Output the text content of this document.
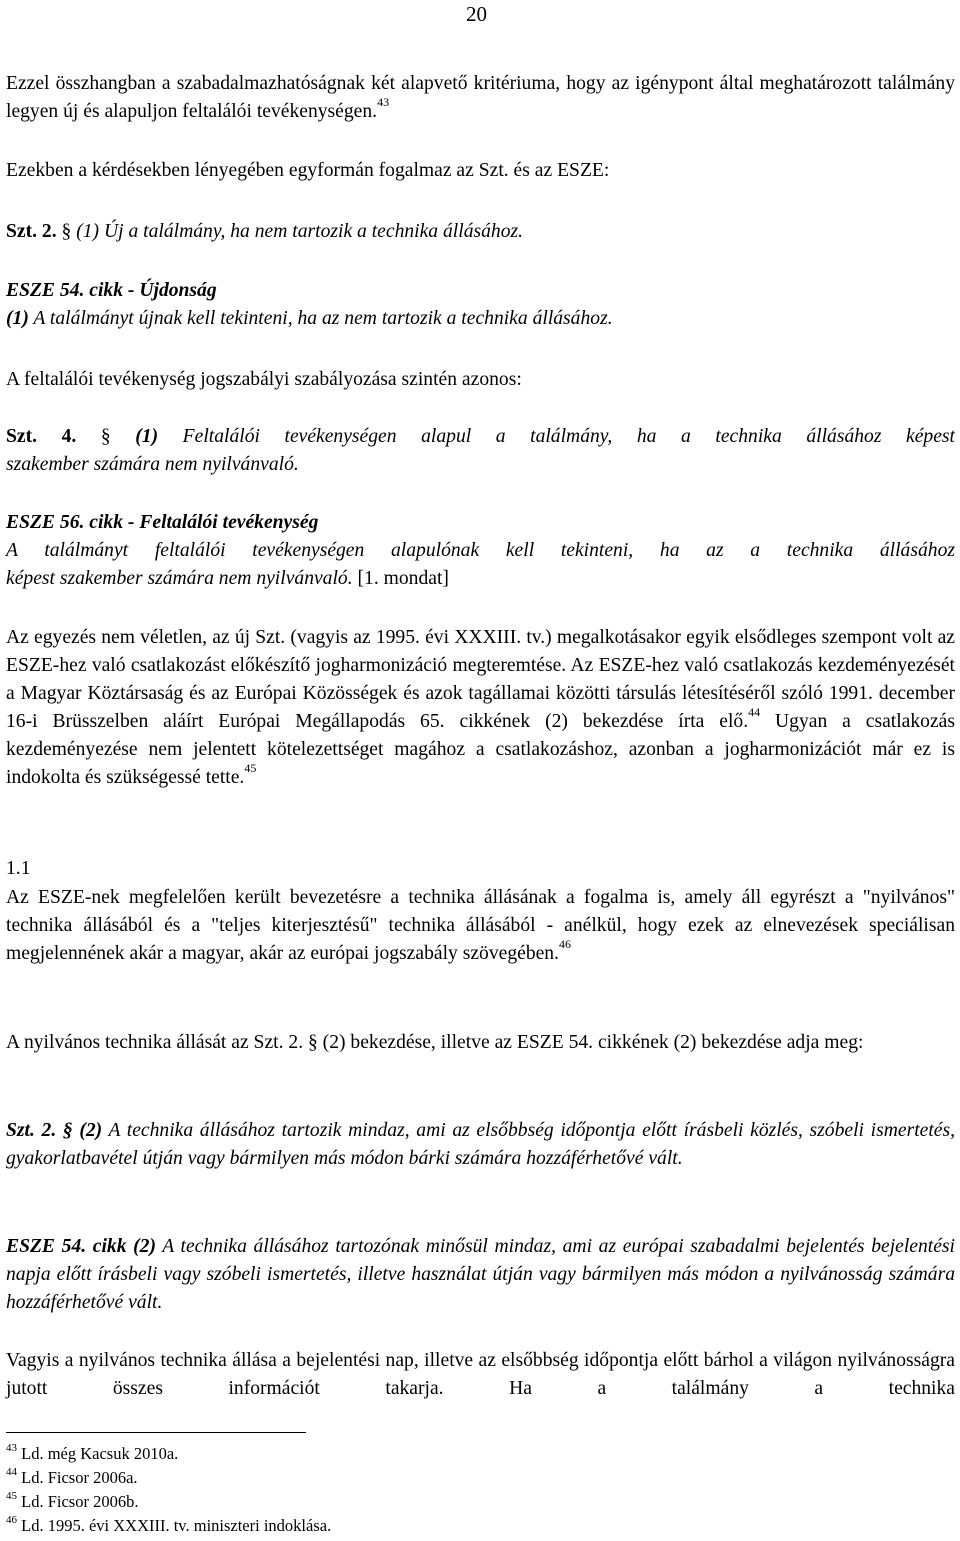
20
Ezzel összhangban a szabadalmazhatóságnak két alapvető kritériuma, hogy az igénypont által meghatározott találmány legyen új és alapuljon feltalálói tevékenységen.$^{43}$
Ezekben a kérdésekben lényegében egyformán fogalmaz az Szt. és az ESZE:
Szt. 2. § (1) Új a találmány, ha nem tartozik a technika állásához.
ESZE 54. cikk - Újdonság
(1) A találmányt újnak kell tekinteni, ha az nem tartozik a technika állásához.
A feltalálói tevékenység jogszabályi szabályozása szintén azonos:
Szt. 4. § (1) Feltalálói tevékenységen alapul a találmány, ha a technika állásához képest
szakember számára nem nyilvánvaló.
ESZE 56. cikk - Feltalálói tevékenység
A találmányt feltalálói tevékenységen alapulónak kell tekinteni, ha az a technika állásához
képest szakember számára nem nyilvánvaló. [1. mondat]
Az egyezés nem véletlen, az új Szt. (vagyis az 1995. évi XXXIII. tv.) megalkotásakor egyik elsődleges szempont volt az ESZE-hez való csatlakozást előkészítő jogharmonizáció megteremtése. Az ESZE-hez való csatlakozás kezdeményezését a Magyar Köztársaság és az Európai Közösségek és azok tagállamai közötti társulás létesítéséről szóló 1991. december 16-i Brüsszelben aláírt Európai Megállapodás 65. cikkének (2) bekezdése írta elő.$^{44}$ Ugyan a csatlakozás kezdeményezése nem jelentett kötelezettséget magához a csatlakozáshoz, azonban a jogharmonizációt már ez is indokolta és szükségessé tette.$^{45}$
1.1
Az ESZE-nek megfelelően került bevezetésre a technika állásának a fogalma is, amely áll egyrészt a "nyilvános" technika állásából és a "teljes kiterjesztésű" technika állásából - anélkül, hogy ezek az elnevezések speciálisan megjelennének akár a magyar, akár az európai jogszabály szövegében.$^{46}$
A nyilvános technika állását az Szt. 2. § (2) bekezdése, illetve az ESZE 54. cikkének (2) bekezdése adja meg:
Szt. 2. § (2) A technika állásához tartozik mindaz, ami az elsőbbség időpontja előtt írásbeli közlés, szóbeli ismertetés, gyakorlatbavétel útján vagy bármilyen más módon bárki számára hozzáférhetővé vált.
ESZE 54. cikk (2) A technika állásához tartozónak minősül mindaz, ami az európai szabadalmi bejelentés bejelentési napja előtt írásbeli vagy szóbeli ismertetés, illetve használat útján vagy bármilyen más módon a nyilvánosság számára hozzáférhetővé vált.
Vagyis a nyilvános technika állása a bejelentési nap, illetve az elsőbbség időpontja előtt bárhol a világon nyilvánosságra jutott összes információt takarja. Ha a találmány a technika
$^{43}$ Ld. még Kacsuk 2010a.
$^{44}$ Ld. Ficsor 2006a.
$^{45}$ Ld. Ficsor 2006b.
$^{46}$ Ld. 1995. évi XXXIII. tv. miniszteri indoklása.
